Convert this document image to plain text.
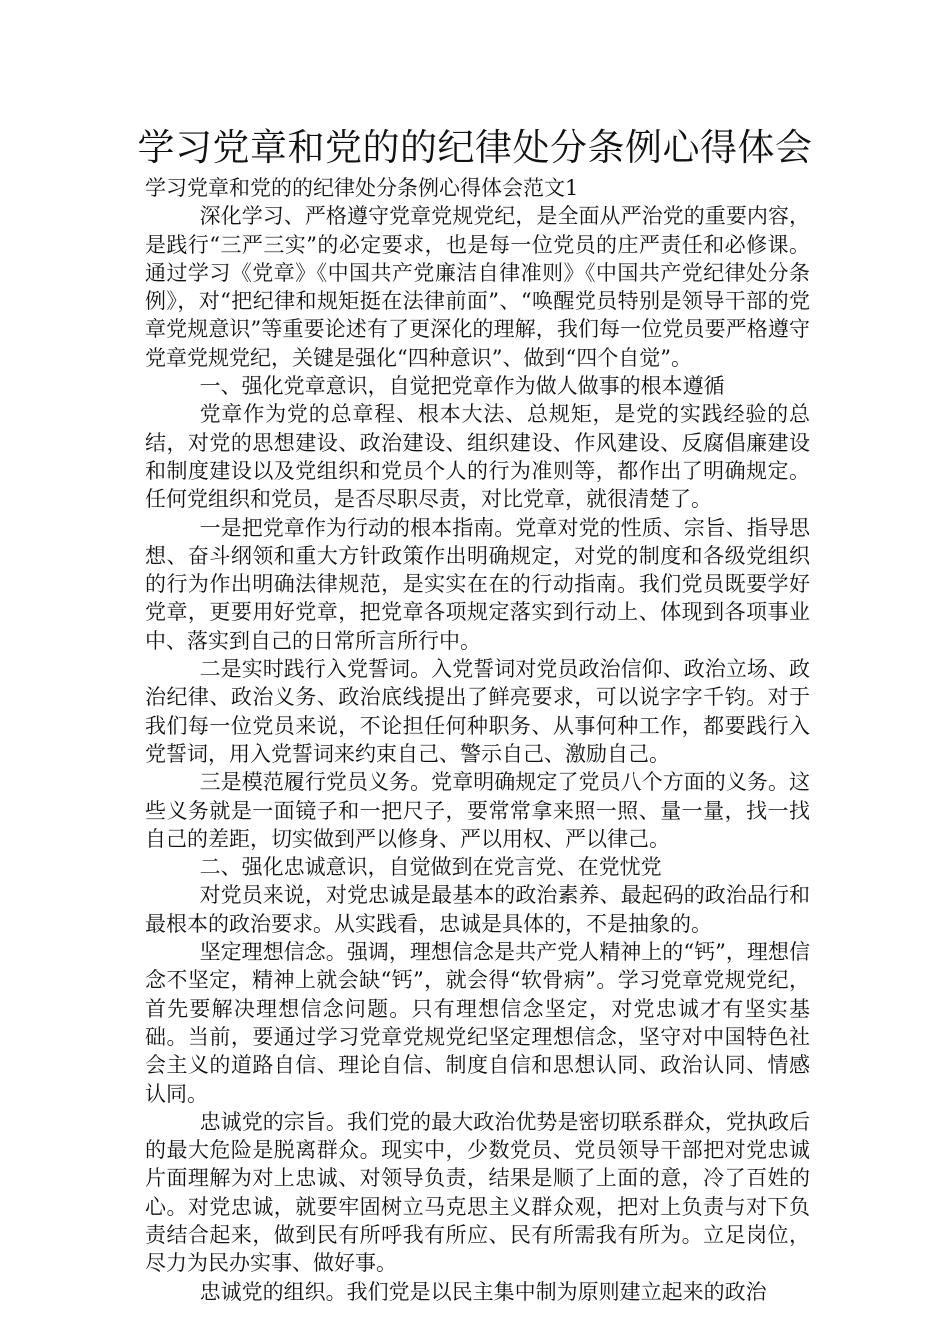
学习党章和党的的纪律处分条例心得体会

学习党章和党的的纪律处分条例心得体会范文1

深化学习、严格遵守党章党规党纪，是全面从严治党的重要内容，是践行“三严三实”的必定要求，也是每一位党员的庄严责任和必修课。通过学习《党章》《中国共产党廉洁自律准则》《中国共产党纪律处分条例》，对“把纪律和规矩挺在法律前面”、“唤醒党员特别是领导干部的党章党规意识”等重要论述有了更深化的理解，我们每一位党员要严格遵守党章党规党纪，关键是强化“四种意识”、做到“四个自觉”。

一、强化党章意识，自觉把党章作为做人做事的根本遵循

党章作为党的总章程、根本大法、总规矩，是党的实践经验的总结，对党的思想建设、政治建设、组织建设、作风建设、反腐倡廉建设和制度建设以及党组织和党员个人的行为准则等，都作出了明确规定。任何党组织和党员，是否尽职尽责，对比党章，就很清楚了。

一是把党章作为行动的根本指南。党章对党的性质、宗旨、指导思想、奋斗纲领和重大方针政策作出明确规定，对党的制度和各级党组织的行为作出明确法律规范，是实实在在的行动指南。我们党员既要学好党章，更要用好党章，把党章各项规定落实到行动上、体现到各项事业中、落实到自己的日常所言所行中。

二是实时践行入党誓词。入党誓词对党员政治信仰、政治立场、政治纪律、政治义务、政治底线提出了鲜亮要求，可以说字字千钧。对于我们每一位党员来说，不论担任何种职务、从事何种工作，都要践行入党誓词，用入党誓词来约束自己、警示自己、激励自己。

三是模范履行党员义务。党章明确规定了党员八个方面的义务。这些义务就是一面镜子和一把尺子，要常常拿来照一照、量一量，找一找自己的差距，切实做到严以修身、严以用权、严以律己。

二、强化忠诚意识，自觉做到在党言党、在党忧党

对党员来说，对党忠诚是最基本的政治素养、最起码的政治品行和最根本的政治要求。从实践看，忠诚是具体的，不是抽象的。

坚定理想信念。强调，理想信念是共产党人精神上的“钙”，理想信念不坚定，精神上就会缺“钙”，就会得“软骨病”。学习党章党规党纪，首先要解决理想信念问题。只有理想信念坚定，对党忠诚才有坚实基础。当前，要通过学习党章党规党纪坚定理想信念，坚守对中国特色社会主义的道路自信、理论自信、制度自信和思想认同、政治认同、情感认同。

忠诚党的宗旨。我们党的最大政治优势是密切联系群众，党执政后的最大危险是脱离群众。现实中，少数党员、党员领导干部把对党忠诚片面理解为对上忠诚、对领导负责，结果是顺了上面的意，冷了百姓的心。对党忠诚，就要牢固树立马克思主义群众观，把对上负责与对下负责结合起来，做到民有所呼我有所应、民有所需我有所为。立足岗位，尽力为民办实事、做好事。

忠诚党的组织。我们党是以民主集中制为原则建立起来的政治
